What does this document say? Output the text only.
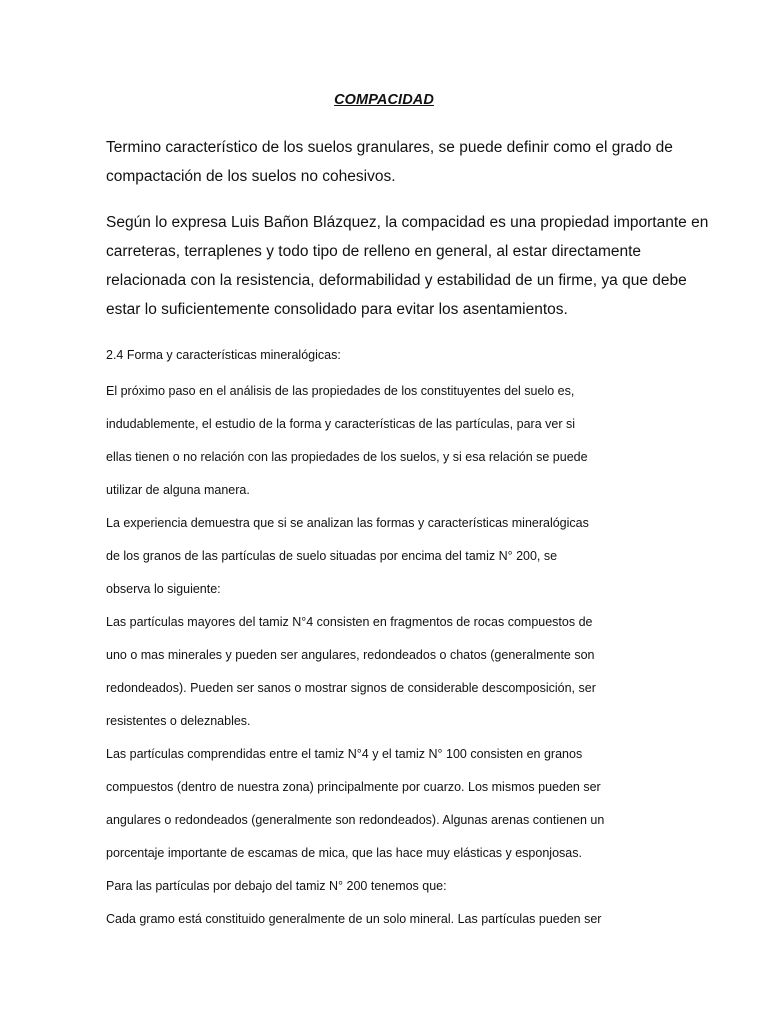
COMPACIDAD
Termino característico de los suelos granulares, se puede definir como el grado de
compactación de los suelos no cohesivos.
Según lo expresa Luis Bañon Blázquez, la compacidad es una propiedad importante en
carreteras, terraplenes y todo tipo de relleno en general, al estar directamente
relacionada con la resistencia, deformabilidad y estabilidad de un firme, ya que debe
estar lo suficientemente consolidado para evitar los asentamientos.
2.4 Forma y características mineralógicas:
El próximo paso en el análisis de las propiedades de los constituyentes del suelo es,
indudablemente, el estudio de la forma y características de las partículas, para ver si
ellas tienen o no relación con las propiedades de los suelos, y si esa relación se puede
utilizar de alguna manera.
La experiencia demuestra que si se analizan las formas y características mineralógicas
de los granos de las partículas de suelo situadas por encima del tamiz N° 200, se
observa lo siguiente:
Las partículas mayores del tamiz N°4 consisten en fragmentos de rocas compuestos de
uno o mas minerales y pueden ser angulares, redondeados o chatos (generalmente son
redondeados). Pueden ser sanos o mostrar signos de considerable descomposición, ser
resistentes o deleznables.
Las partículas comprendidas entre el tamiz N°4 y el tamiz N° 100 consisten en granos
compuestos (dentro de nuestra zona) principalmente por cuarzo. Los mismos pueden ser
angulares o redondeados (generalmente son redondeados). Algunas arenas contienen un
porcentaje importante de escamas de mica, que las hace muy elásticas y esponjosas.
Para las partículas por debajo del tamiz N° 200 tenemos que:
Cada gramo está constituido generalmente de un solo mineral. Las partículas pueden ser
